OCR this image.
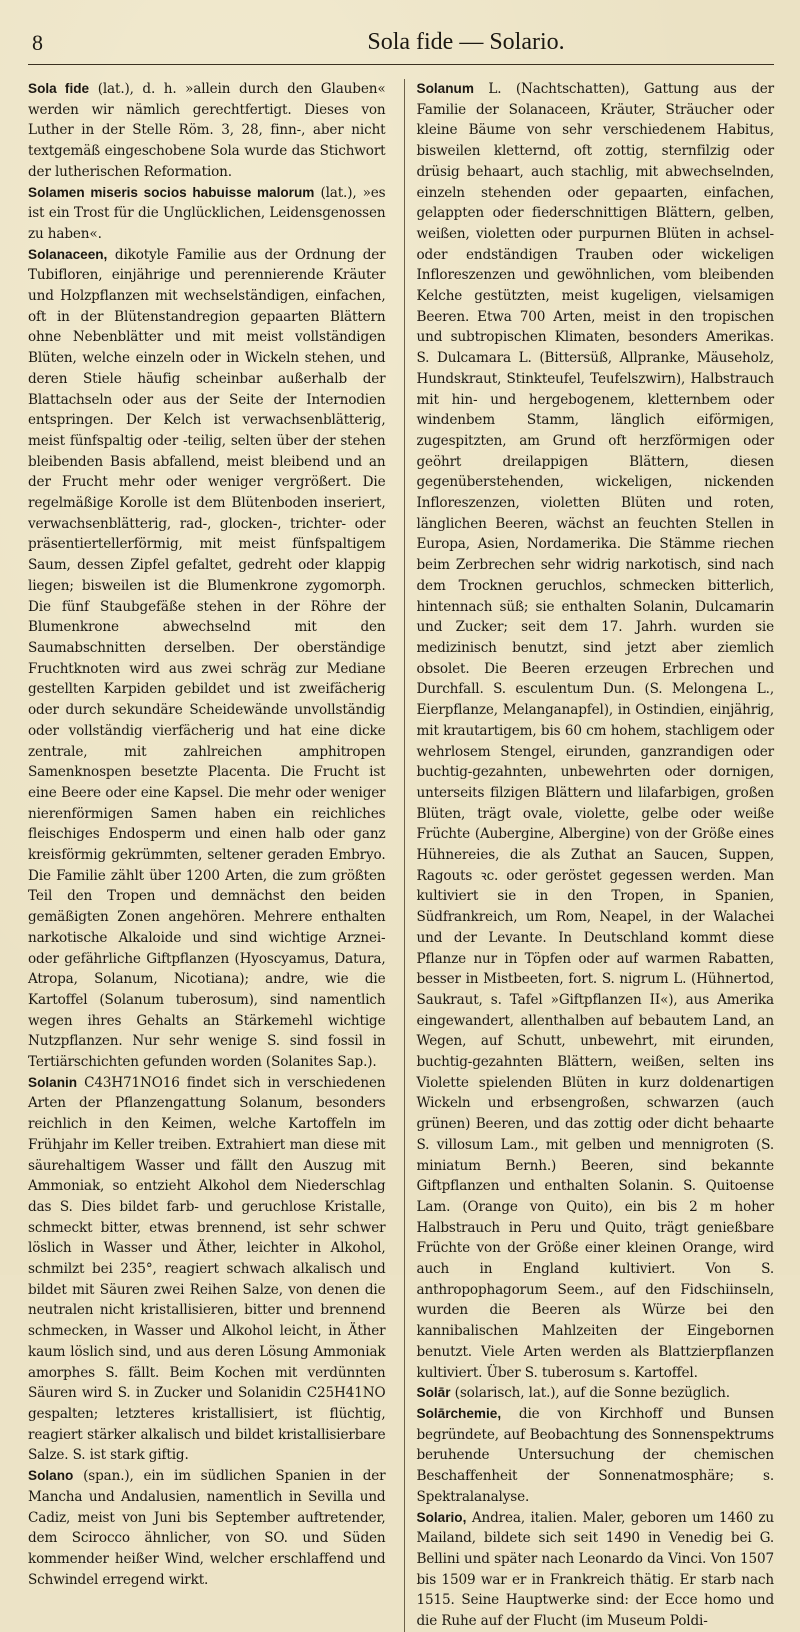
8	Sola fide — Solario.

Sola fide (lat.), d. h. »allein durch den Glauben« werden wir nämlich gerechtfertigt. Dieses von Luther in der Stelle Röm. 3, 28, finn-, aber nicht textgemäß eingeschobene Sola wurde das Stichwort der lutherischen Reformation.

Solamen miseris socios habuisse malorum (lat.), »es ist ein Trost für die Unglücklichen, Leidensgenossen zu haben«.

Solanaceen, dikotyle Familie aus der Ordnung der Tubifloren, einjährige und perennierende Kräuter und Holzpflanzen mit wechselständigen, einfachen, oft in der Blütenstandregion gepaarten Blättern ohne Nebenblätter und mit meist vollständigen Blüten, welche einzeln oder in Wickeln stehen, und deren Stiele häufig scheinbar außerhalb der Blattachseln oder aus der Seite der Internodien entspringen. Der Kelch ist verwachsenblätterig, meist fünfspaltig oder -teilig, selten über der stehen bleibenden Basis abfallend, meist bleibend und an der Frucht mehr oder weniger vergrößert. Die regelmäßige Korolle ist dem Blütenboden inseriert, verwachsenblätterig, rad-, glocken-, trichter- oder präsentiertellerförmig, mit meist fünfspaltigem Saum, dessen Zipfel gefaltet, gedreht oder klappig liegen; bisweilen ist die Blumenkrone zygomorph. Die fünf Staubgefäße stehen in der Röhre der Blumenkrone abwechselnd mit den Saumabschnitten derselben. Der oberständige Fruchtknoten wird aus zwei schräg zur Mediane gestellten Karpiden gebildet und ist zweifächerig oder durch sekundäre Scheidewände unvollständig oder vollständig vierfächerig und hat eine dicke zentrale, mit zahlreichen amphitropen Samenknospen besetzte Placenta. Die Frucht ist eine Beere oder eine Kapsel. Die mehr oder weniger nierenförmigen Samen haben ein reichliches fleischiges Endosperm und einen halb oder ganz kreisförmig gekrümmten, seltener geraden Embryo. Die Familie zählt über 1200 Arten, die zum größten Teil den Tropen und demnächst den beiden gemäßigten Zonen angehören. Mehrere enthalten narkotische Alkaloide und sind wichtige Arznei- oder gefährliche Giftpflanzen (Hyoscyamus, Datura, Atropa, Solanum, Nicotiana); andre, wie die Kartoffel (Solanum tuberosum), sind namentlich wegen ihres Gehalts an Stärkemehl wichtige Nutzpflanzen. Nur sehr wenige S. sind fossil in Tertiärschichten gefunden worden (Solanites Sap.).

Solanin C43H71NO16 findet sich in verschiedenen Arten der Pflanzengattung Solanum, besonders reichlich in den Keimen, welche Kartoffeln im Frühjahr im Keller treiben. Extrahiert man diese mit säurehaltigem Wasser und fällt den Auszug mit Ammoniak, so entzieht Alkohol dem Niederschlag das S. Dies bildet farb- und geruchlose Kristalle, schmeckt bitter, etwas brennend, ist sehr schwer löslich in Wasser und Äther, leichter in Alkohol, schmilzt bei 235°, reagiert schwach alkalisch und bildet mit Säuren zwei Reihen Salze, von denen die neutralen nicht kristallisieren, bitter und brennend schmecken, in Wasser und Alkohol leicht, in Äther kaum löslich sind, und aus deren Lösung Ammoniak amorphes S. fällt. Beim Kochen mit verdünnten Säuren wird S. in Zucker und Solanidin C25H41NO gespalten; letzteres kristallisiert, ist flüchtig, reagiert stärker alkalisch und bildet kristallisierbare Salze. S. ist stark giftig.

Solano (span.), ein im südlichen Spanien in der Mancha und Andalusien, namentlich in Sevilla und Cadiz, meist von Juni bis September auftretender, dem Scirocco ähnlicher, von SO. und Süden kommender heißer Wind, welcher erschlaffend und Schwindel erregend wirkt.

Solanum L. (Nachtschatten), Gattung aus der Familie der Solanaceen, Kräuter, Sträucher oder kleine Bäume von sehr verschiedenem Habitus, bisweilen kletternd, oft zottig, sternfilzig oder drüsig behaart, auch stachlig, mit abwechselnden, einzeln stehenden oder gepaarten, einfachen, gelappten oder fiederschnittigen Blättern, gelben, weißen, violetten oder purpurnen Blüten in achsel- oder endständigen Trauben oder wickeligen Infloreszenzen und gewöhnlichen, vom bleibenden Kelche gestützten, meist kugeligen, vielsamigen Beeren. Etwa 700 Arten, meist in den tropischen und subtropischen Klimaten, besonders Amerikas. S. Dulcamara L. (Bittersüß, Allpranke, Mäuseholz, Hundskraut, Stinkteufel, Teufelszwirn), Halbstrauch mit hin- und hergebogenem, kletternbem oder windenbem Stamm, länglich eiförmigen, zugespitzten, am Grund oft herzförmigen oder geöhrt dreilappigen Blättern, diesen gegenüberstehenden, wickeligen, nickenden Infloreszenzen, violetten Blüten und roten, länglichen Beeren, wächst an feuchten Stellen in Europa, Asien, Nordamerika. Die Stämme riechen beim Zerbrechen sehr widrig narkotisch, sind nach dem Trocknen geruchlos, schmecken bitterlich, hintennach süß; sie enthalten Solanin, Dulcamarin und Zucker; seit dem 17. Jahrh. wurden sie medizinisch benutzt, sind jetzt aber ziemlich obsolet. Die Beeren erzeugen Erbrechen und Durchfall. S. esculentum Dun. (S. Melongena L., Eierpflanze, Melanganapfel), in Ostindien, einjährig, mit krautartigem, bis 60 cm hohem, stachligem oder wehrlosem Stengel, eirunden, ganzrandigen oder buchtig-gezahnten, unbewehrten oder dornigen, unterseits filzigen Blättern und lilafarbigen, großen Blüten, trägt ovale, violette, gelbe oder weiße Früchte (Aubergine, Albergine) von der Größe eines Hühnereies, die als Zuthat an Saucen, Suppen, Ragouts ꝛc. oder geröstet gegessen werden. Man kultiviert sie in den Tropen, in Spanien, Südfrankreich, um Rom, Neapel, in der Walachei und der Levante. In Deutschland kommt diese Pflanze nur in Töpfen oder auf warmen Rabatten, besser in Mistbeeten, fort. S. nigrum L. (Hühnertod, Saukraut, s. Tafel »Giftpflanzen II«), aus Amerika eingewandert, allenthalben auf bebautem Land, an Wegen, auf Schutt, unbewehrt, mit eirunden, buchtig-gezahnten Blättern, weißen, selten ins Violette spielenden Blüten in kurz doldenartigen Wickeln und erbsengroßen, schwarzen (auch grünen) Beeren, und das zottig oder dicht behaarte S. villosum Lam., mit gelben und mennigroten (S. miniatum Bernh.) Beeren, sind bekannte Giftpflanzen und enthalten Solanin. S. Quitoense Lam. (Orange von Quito), ein bis 2 m hoher Halbstrauch in Peru und Quito, trägt genießbare Früchte von der Größe einer kleinen Orange, wird auch in England kultiviert. Von S. anthropophagorum Seem., auf den Fidschiinseln, wurden die Beeren als Würze bei den kannibalischen Mahlzeiten der Eingebornen benutzt. Viele Arten werden als Blattzierpflanzen kultiviert. Über S. tuberosum s. Kartoffel.

Solār (solarisch, lat.), auf die Sonne bezüglich.

Solārchemie, die von Kirchhoff und Bunsen begründete, auf Beobachtung des Sonnenspektrums beruhende Untersuchung der chemischen Beschaffenheit der Sonnenatmosphäre; s. Spektralanalyse.

Solario, Andrea, italien. Maler, geboren um 1460 zu Mailand, bildete sich seit 1490 in Venedig bei G. Bellini und später nach Leonardo da Vinci. Von 1507 bis 1509 war er in Frankreich thätig. Er starb nach 1515. Seine Hauptwerke sind: der Ecce homo und die Ruhe auf der Flucht (im Museum Poldi-
